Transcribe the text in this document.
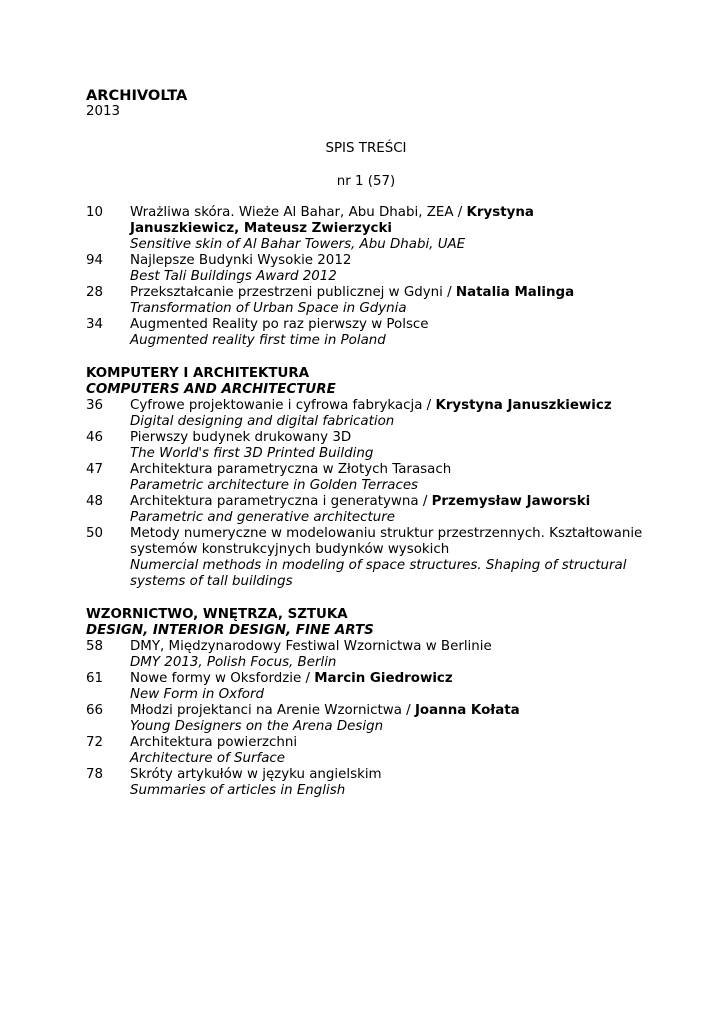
ARCHIVOLTA
2013
SPIS TREŚCI
nr 1 (57)
10	Wrażliwa skóra. Wieże Al Bahar, Abu Dhabi, ZEA / Krystyna Januszkiewicz, Mateusz Zwierzycki
Sensitive skin of Al Bahar Towers, Abu Dhabi, UAE
94	Najlepsze Budynki Wysokie 2012
Best Tali Buildings Award 2012
28	Przekształcanie przestrzeni publicznej w Gdyni / Natalia Malinga
Transformation of Urban Space in Gdynia
34	Augmented Reality po raz pierwszy w Polsce
Augmented reality first time in Poland
KOMPUTERY I ARCHITEKTURA
COMPUTERS AND ARCHITECTURE
36	Cyfrowe projektowanie i cyfrowa fabrykacja / Krystyna Januszkiewicz
Digital designing and digital fabrication
46	Pierwszy budynek drukowany 3D
The World's first 3D Printed Building
47	Architektura parametryczna w Złotych Tarasach
Parametric architecture in Golden Terraces
48	Architektura parametryczna i generatywna / Przemysław Jaworski
Parametric and generative architecture
50	Metody numeryczne w modelowaniu struktur przestrzennych. Kształtowanie systemów konstrukcyjnych budynków wysokich
Numercial methods in modeling of space structures. Shaping of structural systems of tall buildings
WZORNICTWO, WNĘTRZA, SZTUKA
DESIGN, INTERIOR DESIGN, FINE ARTS
58	DMY, Międzynarodowy Festiwal Wzornictwa w Berlinie
DMY 2013, Polish Focus, Berlin
61	Nowe formy w Oksfordzie / Marcin Giedrowicz
New Form in Oxford
66	Młodzi projektanci na Arenie Wzornictwa / Joanna Kołata
Young Designers on the Arena Design
72	Architektura powierzchni
Architecture of Surface
78	Skróty artykułów w języku angielskim
Summaries of articles in English
